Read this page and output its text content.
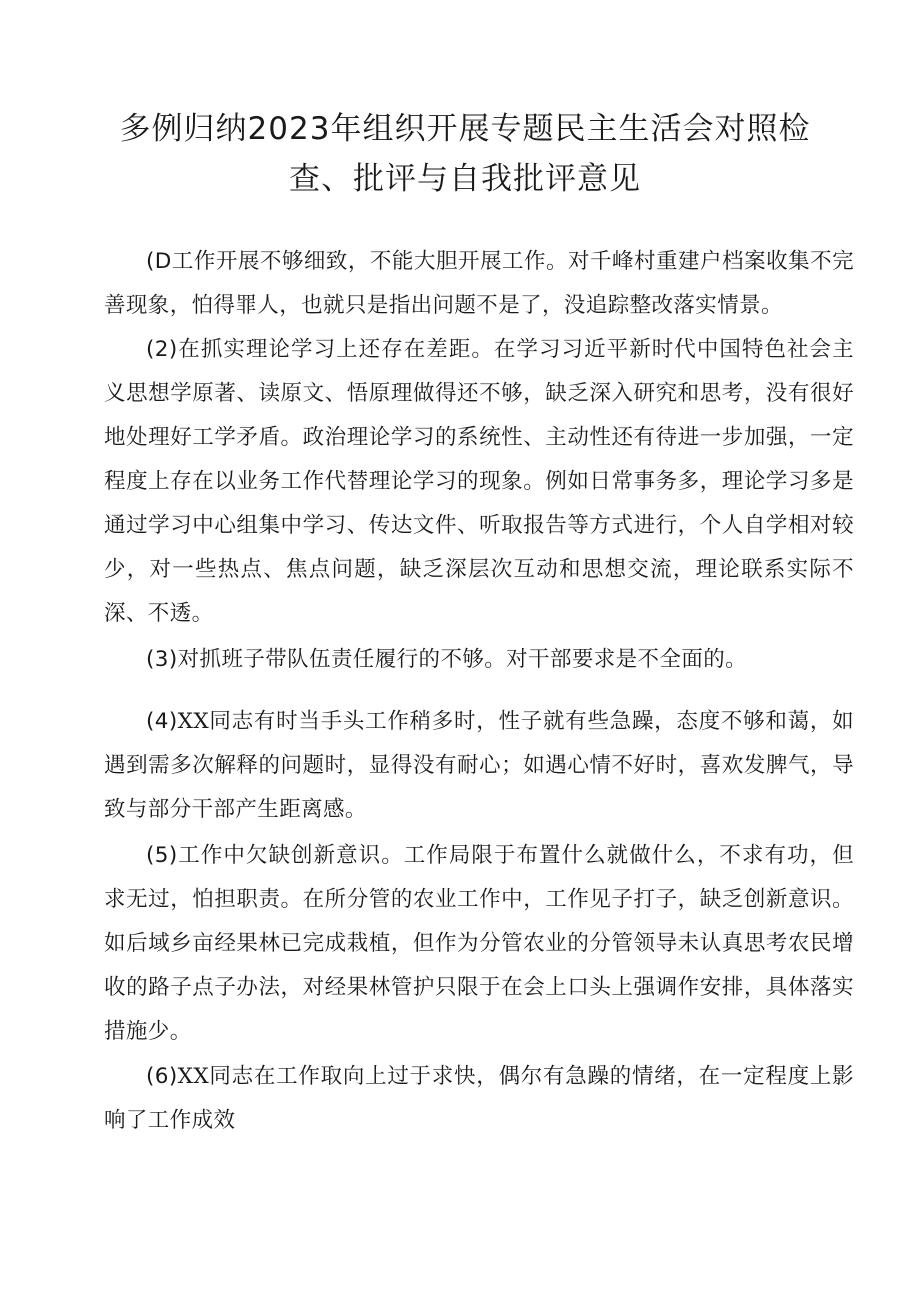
多例归纳2023年组织开展专题民主生活会对照检查、批评与自我批评意见

(D工作开展不够细致，不能大胆开展工作。对千峰村重建户档案收集不完善现象，怕得罪人，也就只是指出问题不是了，没追踪整改落实情景。

(2)在抓实理论学习上还存在差距。在学习习近平新时代中国特色社会主义思想学原著、读原文、悟原理做得还不够，缺乏深入研究和思考，没有很好地处理好工学矛盾。政治理论学习的系统性、主动性还有待进一步加强，一定程度上存在以业务工作代替理论学习的现象。例如日常事务多，理论学习多是通过学习中心组集中学习、传达文件、听取报告等方式进行，个人自学相对较少，对一些热点、焦点问题，缺乏深层次互动和思想交流，理论联系实际不深、不透。

(3)对抓班子带队伍责任履行的不够。对干部要求是不全面的。

(4)XX同志有时当手头工作稍多时，性子就有些急躁，态度不够和蔼，如遇到需多次解释的问题时，显得没有耐心；如遇心情不好时，喜欢发脾气，导致与部分干部产生距离感。

(5)工作中欠缺创新意识。工作局限于布置什么就做什么，不求有功，但求无过，怕担职责。在所分管的农业工作中，工作见子打子，缺乏创新意识。如后域乡亩经果林已完成栽植，但作为分管农业的分管领导未认真思考农民增收的路子点子办法，对经果林管护只限于在会上口头上强调作安排，具体落实措施少。

(6)XX同志在工作取向上过于求快，偶尔有急躁的情绪，在一定程度上影响了工作成效
